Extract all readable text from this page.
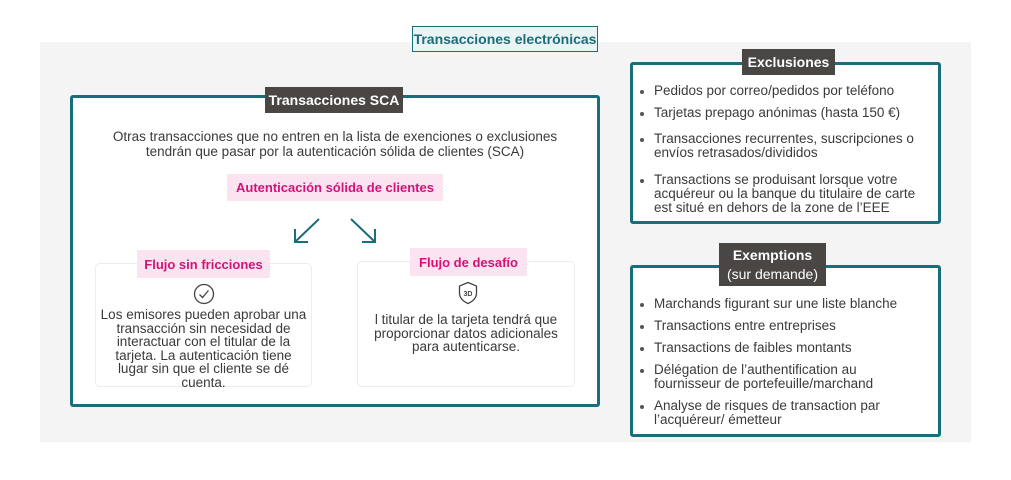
Transacciones electrónicas
Transacciones SCA
Otras transacciones que no entren en la lista de exenciones o exclusiones
tendrán que pasar por la autenticación sólida de clientes (SCA)
Autenticación sólida de clientes
Flujo sin fricciones
Los emisores pueden aprobar una
transacción sin necesidad de
interactuar con el titular de la
tarjeta. La autenticación tiene
lugar sin que el cliente se dé
cuenta.
Flujo de desafío
3D
l titular de la tarjeta tendrá que
proporcionar datos adicionales
para autenticarse.
Exclusiones
Pedidos por correo/pedidos por teléfono
Tarjetas prepago anónimas (hasta 150 €)
Transacciones recurrentes, suscripciones o
envíos retrasados/divididos
Transactions se produisant lorsque votre
acquéreur ou la banque du titulaire de carte
est situé en dehors de la zone de l’EEE
Exemptions
(sur demande)
Marchands figurant sur une liste blanche
Transactions entre entreprises
Transactions de faibles montants
Délégation de l’authentification au
fournisseur de portefeuille/marchand
Analyse de risques de transaction par
l’acquéreur/ émetteur
